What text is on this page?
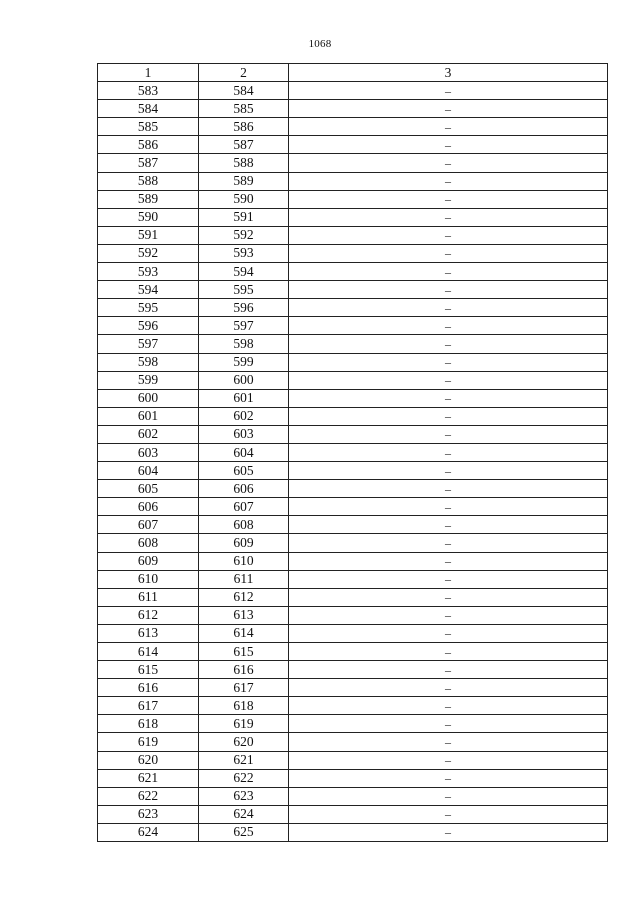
1068
1	2	3
583	584	–
584	585	–
585	586	–
586	587	–
587	588	–
588	589	–
589	590	–
590	591	–
591	592	–
592	593	–
593	594	–
594	595	–
595	596	–
596	597	–
597	598	–
598	599	–
599	600	–
600	601	–
601	602	–
602	603	–
603	604	–
604	605	–
605	606	–
606	607	–
607	608	–
608	609	–
609	610	–
610	611	–
611	612	–
612	613	–
613	614	–
614	615	–
615	616	–
616	617	–
617	618	–
618	619	–
619	620	–
620	621	–
621	622	–
622	623	–
623	624	–
624	625	–
